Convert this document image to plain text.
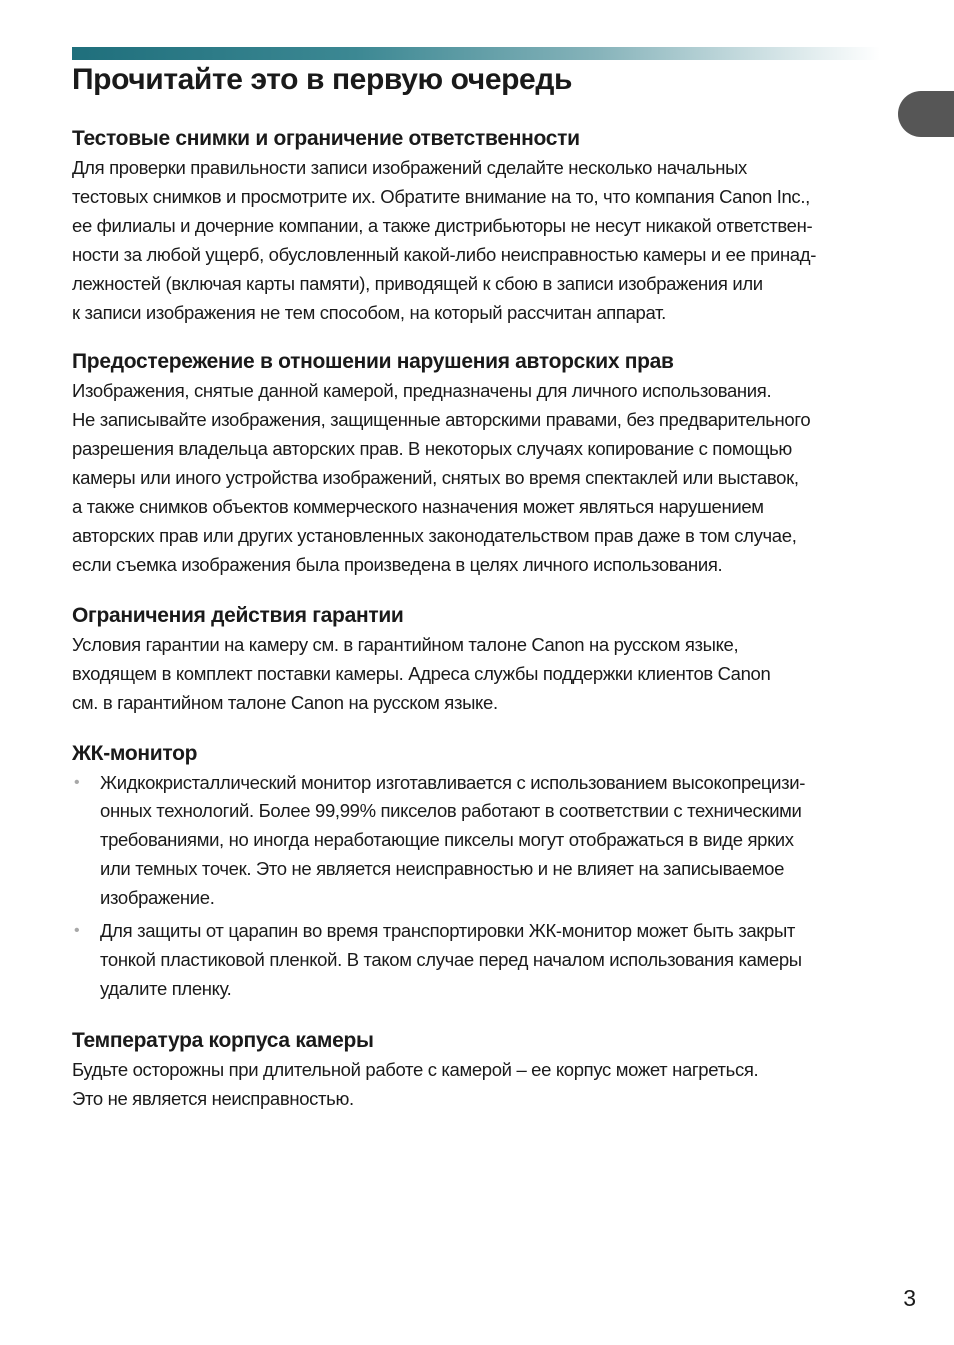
Прочитайте это в первую очередь
Тестовые снимки и ограничение ответственности

Для проверки правильности записи изображений сделайте несколько начальных
тестовых снимков и просмотрите их. Обратите внимание на то, что компания Canon Inc.,
ее филиалы и дочерние компании, а также дистрибьюторы не несут никакой ответствен-
ности за любой ущерб, обусловленный какой-либо неисправностью камеры и ее принад-
лежностей (включая карты памяти), приводящей к сбою в записи изображения или
к записи изображения не тем способом, на который рассчитан аппарат.

Предостережение в отношении нарушения авторских прав

Изображения, снятые данной камерой, предназначены для личного использования.
Не записывайте изображения, защищенные авторскими правами, без предварительного
разрешения владельца авторских прав. В некоторых случаях копирование с помощью
камеры или иного устройства изображений, снятых во время спектаклей или выставок,
а также снимков объектов коммерческого назначения может являться нарушением
авторских прав или других установленных законодательством прав даже в том случае,
если съемка изображения была произведена в целях личного использования.

Ограничения действия гарантии

Условия гарантии на камеру см. в гарантийном талоне Canon на русском языке,
входящем в комплект поставки камеры. Адреса службы поддержки клиентов Canon
см. в гарантийном талоне Canon на русском языке.

ЖК-монитор
• Жидкокристаллический монитор изготавливается с использованием высокопрецизи-
онных технологий. Более 99,99% пикселов работают в соответствии с техническими
требованиями, но иногда неработающие пикселы могут отображаться в виде ярких
или темных точек. Это не является неисправностью и не влияет на записываемое
изображение.
• Для защиты от царапин во время транспортировки ЖК-монитор может быть закрыт
тонкой пластиковой пленкой. В таком случае перед началом использования камеры
удалите пленку.
Температура корпуса камеры

Будьте осторожны при длительной работе с камерой – ее корпус может нагреться.
Это не является неисправностью.

3
